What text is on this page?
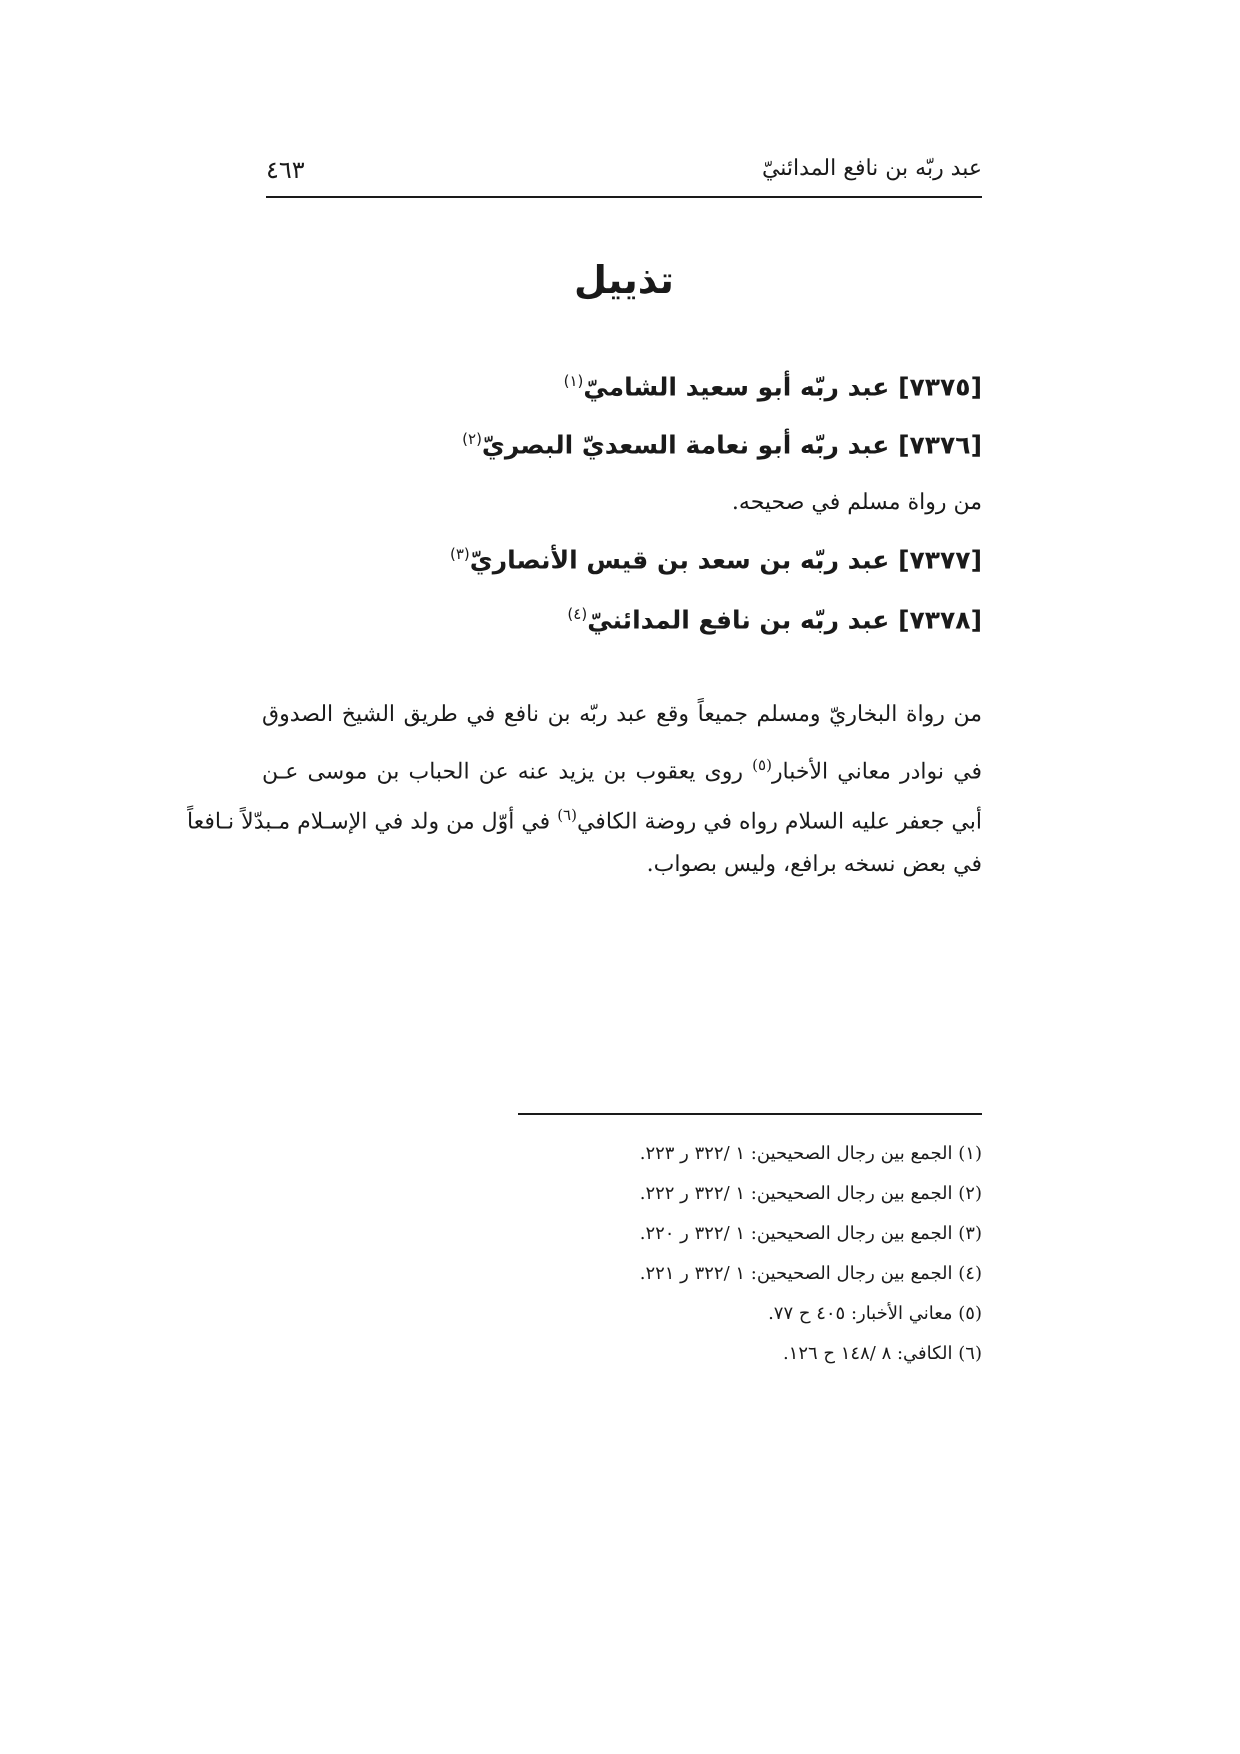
عبد ربّه بن نافع المدائنيّ
٤٦٣
تذييل
[٧٣٧٥] عبد ربّه أبو سعيد الشاميّ$^{(١)}$
[٧٣٧٦] عبد ربّه أبو نعامة السعديّ البصريّ$^{(٢)}$
من رواة مسلم في صحيحه.
[٧٣٧٧] عبد ربّه بن سعد بن قيس الأنصاريّ$^{(٣)}$
[٧٣٧٨] عبد ربّه بن نافع المدائنيّ$^{(٤)}$
من رواة البخاريّ ومسلم جميعاً وقع عبد ربّه بن نافع في طريق الشيخ الصدوق
في نوادر معاني الأخبار$^{(٥)}$ روى يعقوب بن يزيد عنه عن الحباب بن موسى عـن
أبي جعفر عليه السلام رواه في روضة الكافي$^{(٦)}$ في أوّل من ولد في الإسـلام مـبدّلاً نـافعاً
في بعض نسخه برافع، وليس بصواب.
(١) الجمع بين رجال الصحيحين: ١ /٣٢٢ ر ٢٢٣.
(٢) الجمع بين رجال الصحيحين: ١ /٣٢٢ ر ٢٢٢.
(٣) الجمع بين رجال الصحيحين: ١ /٣٢٢ ر ٢٢٠.
(٤) الجمع بين رجال الصحيحين: ١ /٣٢٢ ر ٢٢١.
(٥) معاني الأخبار: ٤٠٥ ح ٧٧.
(٦) الكافي: ٨ /١٤٨ ح ١٢٦.
